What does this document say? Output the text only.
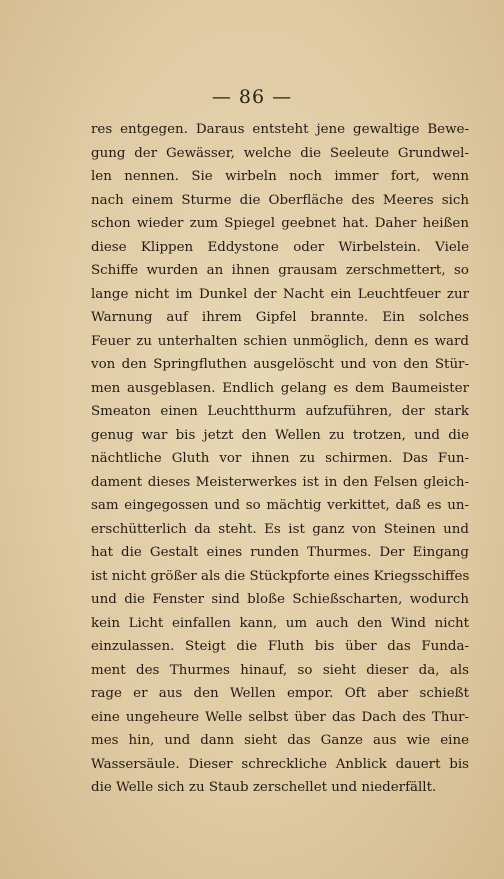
— 86 —
res entgegen. Daraus entsteht jene gewaltige Bewe-
gung der Gewässer, welche die Seeleute Grundwel-
len nennen. Sie wirbeln noch immer fort, wenn
nach einem Sturme die Oberfläche des Meeres sich
schon wieder zum Spiegel geebnet hat. Daher heißen
diese Klippen Eddystone oder Wirbelstein. Viele
Schiffe wurden an ihnen grausam zerschmettert, so
lange nicht im Dunkel der Nacht ein Leuchtfeuer zur
Warnung auf ihrem Gipfel brannte. Ein solches
Feuer zu unterhalten schien unmöglich, denn es ward
von den Springfluthen ausgelöscht und von den Stür-
men ausgeblasen. Endlich gelang es dem Baumeister
Smeaton einen Leuchtthurm aufzuführen, der stark
genug war bis jetzt den Wellen zu trotzen, und die
nächtliche Gluth vor ihnen zu schirmen. Das Fun-
dament dieses Meisterwerkes ist in den Felsen gleich-
sam eingegossen und so mächtig verkittet, daß es un-
erschütterlich da steht. Es ist ganz von Steinen und
hat die Gestalt eines runden Thurmes. Der Eingang
ist nicht größer als die Stückpforte eines Kriegsschiffes
und die Fenster sind bloße Schießscharten, wodurch
kein Licht einfallen kann, um auch den Wind nicht
einzulassen. Steigt die Fluth bis über das Funda-
ment des Thurmes hinauf, so sieht dieser da, als
rage er aus den Wellen empor. Oft aber schießt
eine ungeheure Welle selbst über das Dach des Thur-
mes hin, und dann sieht das Ganze aus wie eine
Wassersäule. Dieser schreckliche Anblick dauert bis
die Welle sich zu Staub zerschellet und niederfällt.
